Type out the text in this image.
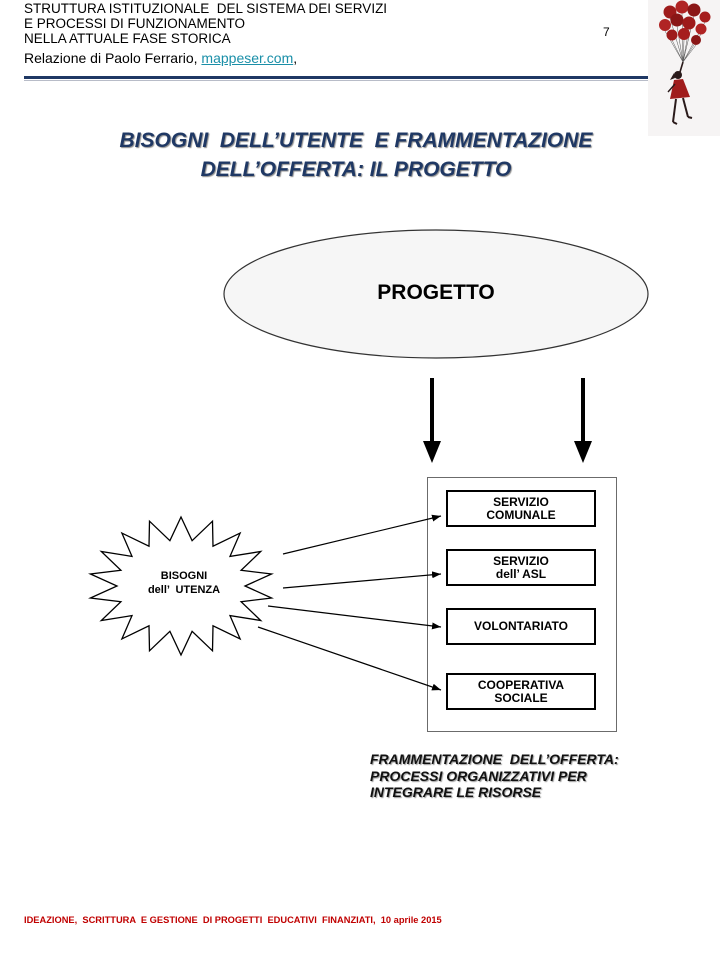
STRUTTURA ISTITUZIONALE  DEL SISTEMA DEI SERVIZI
E PROCESSI DI FUNZIONAMENTO
NELLA ATTUALE FASE STORICA
Relazione di Paolo Ferrario, mappeser.com,
7
BISOGNI  DELL’UTENTE  E FRAMMENTAZIONE
DELL’OFFERTA: IL PROGETTO
PROGETTO
BISOGNI
dell’  UTENZA
SERVIZIO
COMUNALE
SERVIZIO
dell’ ASL
VOLONTARIATO
COOPERATIVA
SOCIALE
FRAMMENTAZIONE  DELL’OFFERTA:
PROCESSI ORGANIZZATIVI PER
INTEGRARE LE RISORSE
IDEAZIONE,  SCRITTURA  E GESTIONE  DI PROGETTI  EDUCATIVI  FINANZIATI,  10 aprile 2015
